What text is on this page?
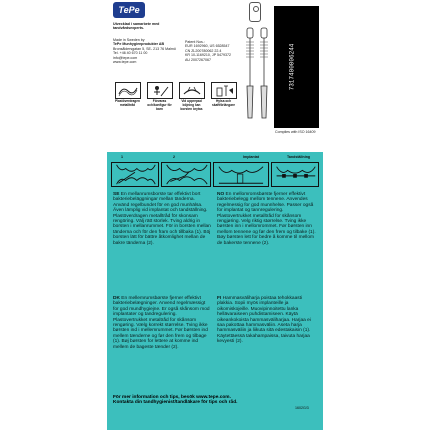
TePe
Utvecklad i samarbete med tandvårdsexperts.
Made in Sweden by
TePe Munhygienprodukter AB
Bronsåldersgatan 5, SE- 213 76 Malmö
Tel. +46 40 670 11 00
info@tepe.com
www.tepe.com
Patent Nos.:
EUR 1692960, US 6528547
CN ZL200780062 22.4
KR 10-1169210, JP 5479372
AU 2007267067	7317400006244
Complies with ISO 16409
Plastöverdragen metalltråd
Förvaras och/konfigur för barn
Vid upprepad böjning kan borsten brytas
Hylsa och skaftförlängare
1	2	Implantat	Tandställning
SE En mellanrumsborste tar effektivt bort bakteriebeläggningar mellan tänderna. Använd regelbundet för en god munhälsa. Även lämplig vid implantat och tandställning. Plastöverdragen metalltråd för skonsam rengöring. Välj rätt storlek. Tving aldrig in borsten i mellanrummet. För in borsten mellan tänderna och för den fram och tillbaka (1). Böj borsten lätt för bättre åtkomlighet mellan de bakre tänderna (2).
NO En mellomromsbørste fjerner effektivt bakteriebelegg mellom tennene. Anvendes regelmessig for god munnhelse. Passer også for implantat og tannregulering. Plastovertrukket metalltråd for skånsom rengjøring. Velg riktig størrelse. Tving ikke børsten inn i mellomrommet. Før børsten inn mellom tennene og før den frem og tilbake (1). Bøy børsten lett for bedre å komme til mellom de bakerste tennene (2).
DK En mellemrumsbørste fjerner effektivt bakteriebelægninger. Anvend regelmæssigt for god mundhygiejne. Er også skånsom mod implantater og tandregulering. Plastovertrukket metaltråd for skånsom rengøring. Vælg korrekt størrelse. Tving ikke børsten ind i mellemrummet. Før børsten ind mellem tænderne og før den frem og tilbage (1). Bøj børsten for lettere at komme ind mellem de bageste tænder (2).
FI Hammasväliharja poistaa tehokkaasti plakkia. Sopii myös implanteille ja oikomiskojeille. Muovipinnoitettu lanka hellävaraiseen puhdistamiseen. Käytä oikeankokoista hammasväliharjaa. Harjaa ei saa pakottaa hammasväliin. Aseta harja hammasväliin ja liikuta sitä edestakaisin (1). Käytettäessä takahampaissa, taivuta harjaa kevyesti (2).
För mer information och tips, besök www.tepe.com.
Kontakta din tandhygienist/tandläkare för tips och råd.
1602G/3
